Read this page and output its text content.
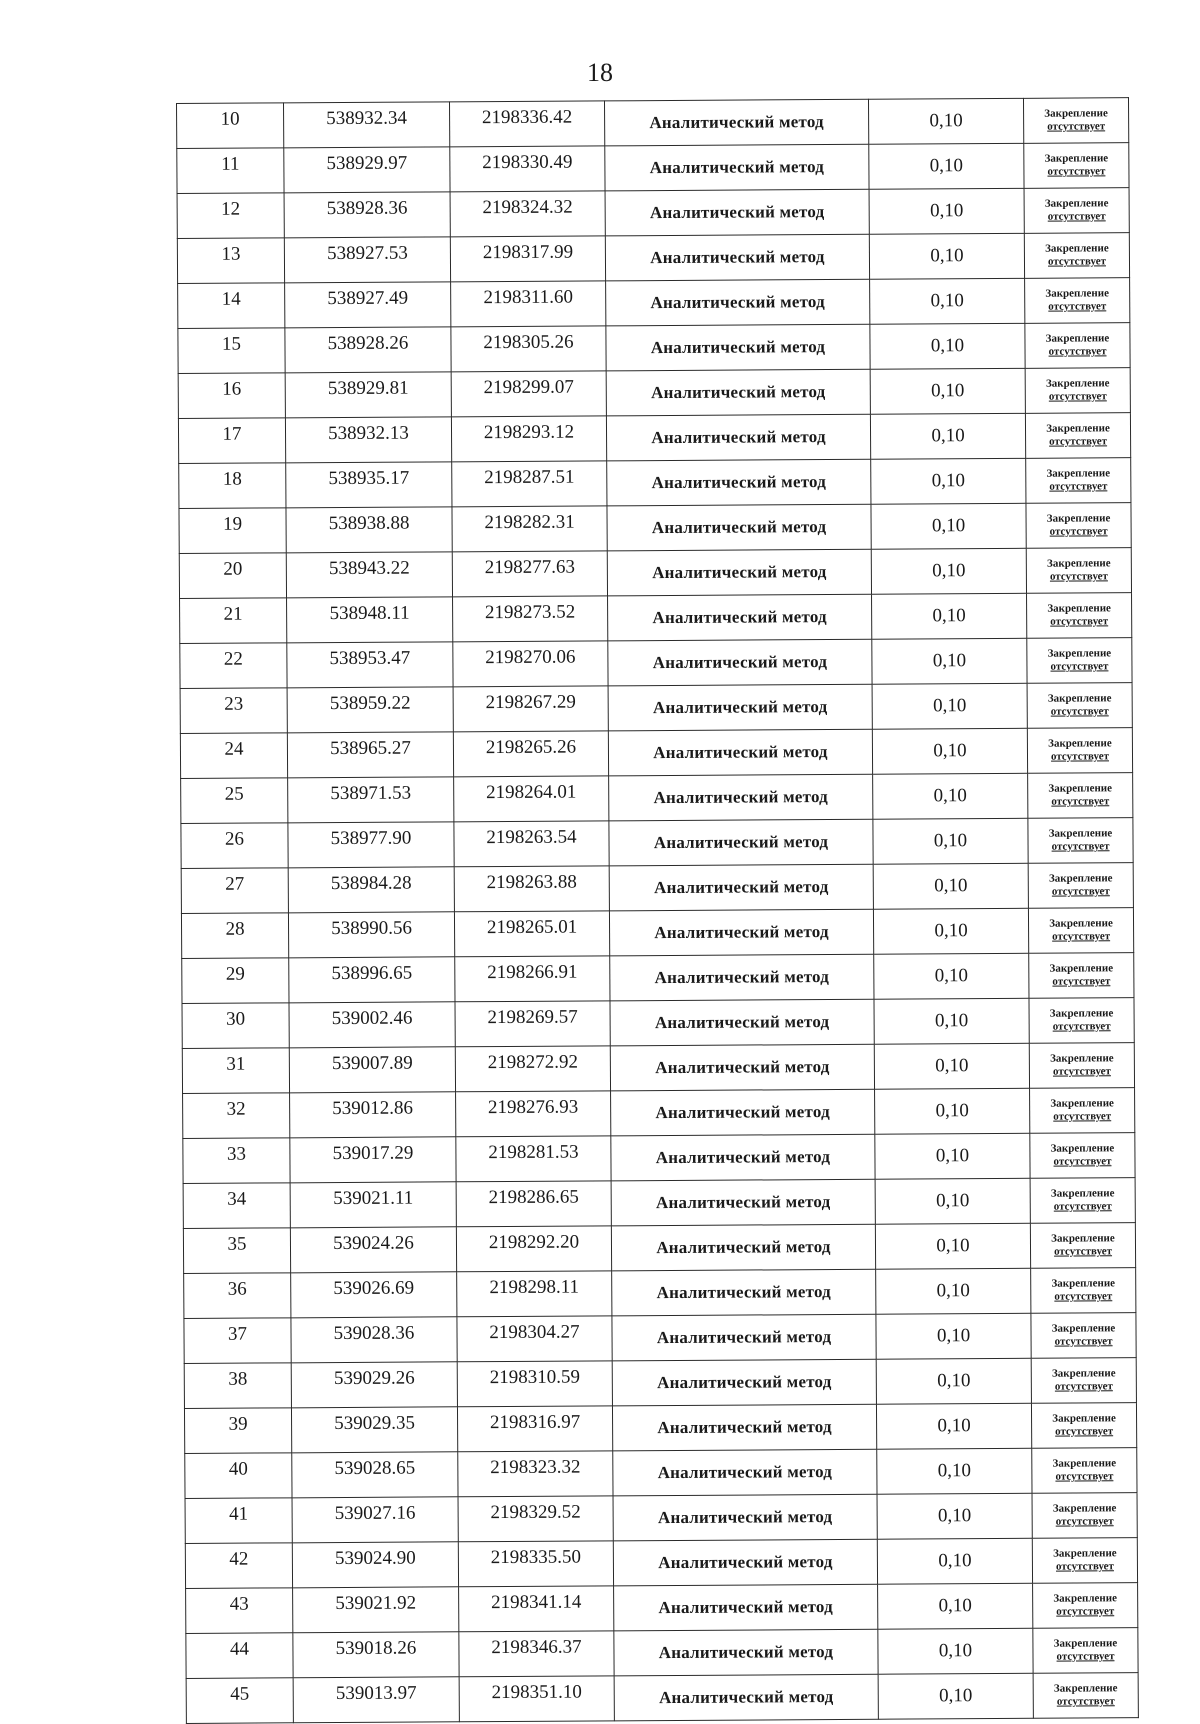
18
10	538932.34	2198336.42	Аналитический метод	0,10	Закрепление
отсутствует

11	538929.97	2198330.49	Аналитический метод	0,10	Закрепление
отсутствует

12	538928.36	2198324.32	Аналитический метод	0,10	Закрепление
отсутствует

13	538927.53	2198317.99	Аналитический метод	0,10	Закрепление
отсутствует

14	538927.49	2198311.60	Аналитический метод	0,10	Закрепление
отсутствует

15	538928.26	2198305.26	Аналитический метод	0,10	Закрепление
отсутствует

16	538929.81	2198299.07	Аналитический метод	0,10	Закрепление
отсутствует

17	538932.13	2198293.12	Аналитический метод	0,10	Закрепление
отсутствует

18	538935.17	2198287.51	Аналитический метод	0,10	Закрепление
отсутствует

19	538938.88	2198282.31	Аналитический метод	0,10	Закрепление
отсутствует

20	538943.22	2198277.63	Аналитический метод	0,10	Закрепление
отсутствует

21	538948.11	2198273.52	Аналитический метод	0,10	Закрепление
отсутствует

22	538953.47	2198270.06	Аналитический метод	0,10	Закрепление
отсутствует

23	538959.22	2198267.29	Аналитический метод	0,10	Закрепление
отсутствует

24	538965.27	2198265.26	Аналитический метод	0,10	Закрепление
отсутствует

25	538971.53	2198264.01	Аналитический метод	0,10	Закрепление
отсутствует

26	538977.90	2198263.54	Аналитический метод	0,10	Закрепление
отсутствует

27	538984.28	2198263.88	Аналитический метод	0,10	Закрепление
отсутствует

28	538990.56	2198265.01	Аналитический метод	0,10	Закрепление
отсутствует

29	538996.65	2198266.91	Аналитический метод	0,10	Закрепление
отсутствует

30	539002.46	2198269.57	Аналитический метод	0,10	Закрепление
отсутствует

31	539007.89	2198272.92	Аналитический метод	0,10	Закрепление
отсутствует

32	539012.86	2198276.93	Аналитический метод	0,10	Закрепление
отсутствует

33	539017.29	2198281.53	Аналитический метод	0,10	Закрепление
отсутствует

34	539021.11	2198286.65	Аналитический метод	0,10	Закрепление
отсутствует

35	539024.26	2198292.20	Аналитический метод	0,10	Закрепление
отсутствует

36	539026.69	2198298.11	Аналитический метод	0,10	Закрепление
отсутствует

37	539028.36	2198304.27	Аналитический метод	0,10	Закрепление
отсутствует

38	539029.26	2198310.59	Аналитический метод	0,10	Закрепление
отсутствует

39	539029.35	2198316.97	Аналитический метод	0,10	Закрепление
отсутствует

40	539028.65	2198323.32	Аналитический метод	0,10	Закрепление
отсутствует

41	539027.16	2198329.52	Аналитический метод	0,10	Закрепление
отсутствует

42	539024.90	2198335.50	Аналитический метод	0,10	Закрепление
отсутствует

43	539021.92	2198341.14	Аналитический метод	0,10	Закрепление
отсутствует

44	539018.26	2198346.37	Аналитический метод	0,10	Закрепление
отсутствует

45	539013.97	2198351.10	Аналитический метод	0,10	Закрепление
отсутствует
